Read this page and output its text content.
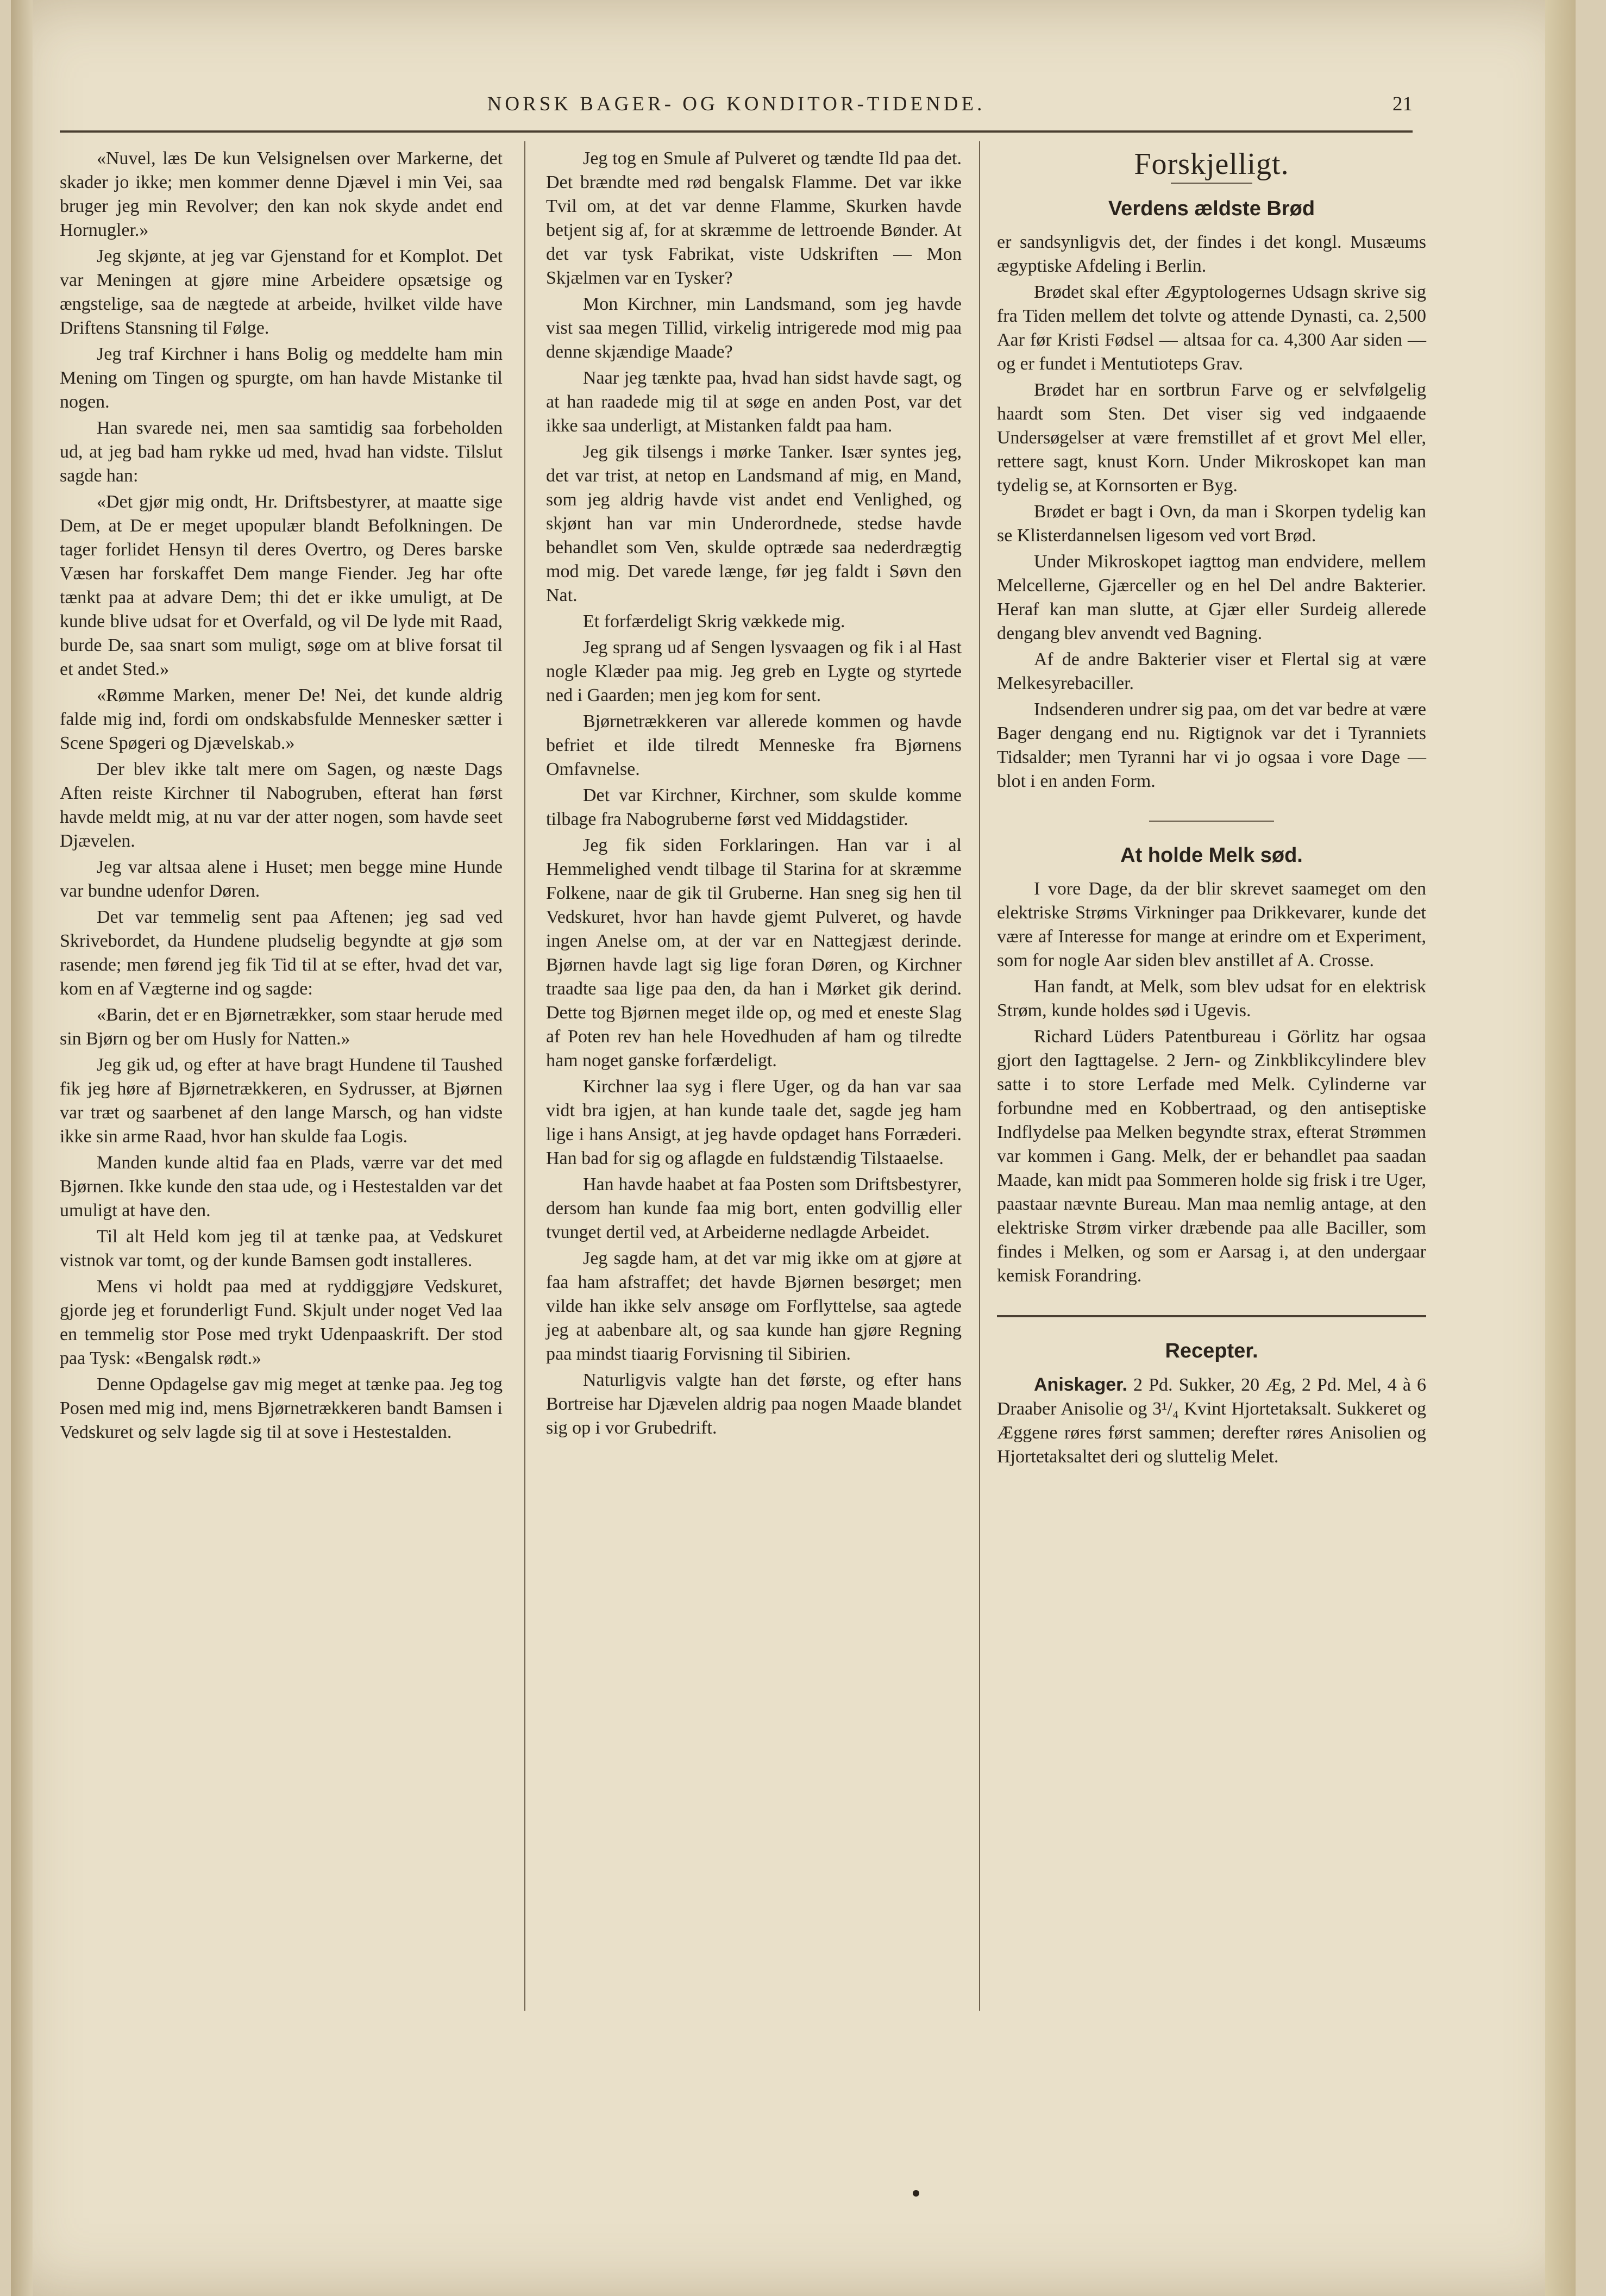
NORSK BAGER- OG KONDITOR-TIDENDE.	21

«Nuvel, læs De kun Velsignelsen over Markerne, det skader jo ikke; men kommer denne Djævel i min Vei, saa bruger jeg min Revolver; den kan nok skyde andet end Hornugler.»

Jeg skjønte, at jeg var Gjenstand for et Komplot. Det var Meningen at gjøre mine Arbeidere opsætsige og ængstelige, saa de nægtede at arbeide, hvilket vilde have Driftens Stansning til Følge.

Jeg traf Kirchner i hans Bolig og meddelte ham min Mening om Tingen og spurgte, om han havde Mistanke til nogen.

Han svarede nei, men saa samtidig saa forbeholden ud, at jeg bad ham rykke ud med, hvad han vidste. Tilslut sagde han:

«Det gjør mig ondt, Hr. Driftsbestyrer, at maatte sige Dem, at De er meget upopulær blandt Befolkningen. De tager forlidet Hensyn til deres Overtro, og Deres barske Væsen har forskaffet Dem mange Fiender. Jeg har ofte tænkt paa at advare Dem; thi det er ikke umuligt, at De kunde blive udsat for et Overfald, og vil De lyde mit Raad, burde De, saa snart som muligt, søge om at blive forsat til et andet Sted.»

«Rømme Marken, mener De! Nei, det kunde aldrig falde mig ind, fordi om ondskabsfulde Mennesker sætter i Scene Spøgeri og Djævelskab.»

Der blev ikke talt mere om Sagen, og næste Dags Aften reiste Kirchner til Nabogruben, efterat han først havde meldt mig, at nu var der atter nogen, som havde seet Djævelen.

Jeg var altsaa alene i Huset; men begge mine Hunde var bundne udenfor Døren.

Det var temmelig sent paa Aftenen; jeg sad ved Skrivebordet, da Hundene pludselig begyndte at gjø som rasende; men førend jeg fik Tid til at se efter, hvad det var, kom en af Vægterne ind og sagde:

«Barin, det er en Bjørnetrækker, som staar herude med sin Bjørn og ber om Husly for Natten.»

Jeg gik ud, og efter at have bragt Hundene til Taushed fik jeg høre af Bjørnetrækkeren, en Sydrusser, at Bjørnen var træt og saarbenet af den lange Marsch, og han vidste ikke sin arme Raad, hvor han skulde faa Logis.

Manden kunde altid faa en Plads, værre var det med Bjørnen. Ikke kunde den staa ude, og i Hestestalden var det umuligt at have den.

Til alt Held kom jeg til at tænke paa, at Vedskuret vistnok var tomt, og der kunde Bamsen godt installeres.

Mens vi holdt paa med at ryddiggjøre Vedskuret, gjorde jeg et forunderligt Fund. Skjult under noget Ved laa en temmelig stor Pose med trykt Udenpaaskrift. Der stod paa Tysk: «Bengalsk rødt.»

Denne Opdagelse gav mig meget at tænke paa. Jeg tog Posen med mig ind, mens Bjørnetrækkeren bandt Bamsen i Vedskuret og selv lagde sig til at sove i Hestestalden.

Jeg tog en Smule af Pulveret og tændte Ild paa det. Det brændte med rød bengalsk Flamme. Det var ikke Tvil om, at det var denne Flamme, Skurken havde betjent sig af, for at skræmme de lettroende Bønder. At det var tysk Fabrikat, viste Udskriften — Mon Skjælmen var en Tysker?

Mon Kirchner, min Landsmand, som jeg havde vist saa megen Tillid, virkelig intrigerede mod mig paa denne skjændige Maade?

Naar jeg tænkte paa, hvad han sidst havde sagt, og at han raadede mig til at søge en anden Post, var det ikke saa underligt, at Mistanken faldt paa ham.

Jeg gik tilsengs i mørke Tanker. Især syntes jeg, det var trist, at netop en Landsmand af mig, en Mand, som jeg aldrig havde vist andet end Venlighed, og skjønt han var min Underordnede, stedse havde behandlet som Ven, skulde optræde saa nederdrægtig mod mig. Det varede længe, før jeg faldt i Søvn den Nat.

Et forfærdeligt Skrig vækkede mig.

Jeg sprang ud af Sengen lysvaagen og fik i al Hast nogle Klæder paa mig. Jeg greb en Lygte og styrtede ned i Gaarden; men jeg kom for sent.

Bjørnetrækkeren var allerede kommen og havde befriet et ilde tilredt Menneske fra Bjørnens Omfavnelse.

Det var Kirchner, Kirchner, som skulde komme tilbage fra Nabogruberne først ved Middagstider.

Jeg fik siden Forklaringen. Han var i al Hemmelighed vendt tilbage til Starina for at skræmme Folkene, naar de gik til Gruberne. Han sneg sig hen til Vedskuret, hvor han havde gjemt Pulveret, og havde ingen Anelse om, at der var en Nattegjæst derinde. Bjørnen havde lagt sig lige foran Døren, og Kirchner traadte saa lige paa den, da han i Mørket gik derind. Dette tog Bjørnen meget ilde op, og med et eneste Slag af Poten rev han hele Hovedhuden af ham og tilredte ham noget ganske forfærdeligt.

Kirchner laa syg i flere Uger, og da han var saa vidt bra igjen, at han kunde taale det, sagde jeg ham lige i hans Ansigt, at jeg havde opdaget hans Forræderi. Han bad for sig og aflagde en fuldstændig Tilstaaelse.

Han havde haabet at faa Posten som Driftsbestyrer, dersom han kunde faa mig bort, enten godvillig eller tvunget dertil ved, at Arbeiderne nedlagde Arbeidet.

Jeg sagde ham, at det var mig ikke om at gjøre at faa ham afstraffet; det havde Bjørnen besørget; men vilde han ikke selv ansøge om Forflyttelse, saa agtede jeg at aabenbare alt, og saa kunde han gjøre Regning paa mindst tiaarig Forvisning til Sibirien.

Naturligvis valgte han det første, og efter hans Bortreise har Djævelen aldrig paa nogen Maade blandet sig op i vor Grubedrift.

Forskjelligt.
Verdens ældste Brød

er sandsynligvis det, der findes i det kongl. Musæums ægyptiske Afdeling i Berlin.

Brødet skal efter Ægyptologernes Udsagn skrive sig fra Tiden mellem det tolvte og attende Dynasti, ca. 2,500 Aar før Kristi Fødsel — altsaa for ca. 4,300 Aar siden — og er fundet i Mentutioteps Grav.

Brødet har en sortbrun Farve og er selvfølgelig haardt som Sten. Det viser sig ved indgaaende Undersøgelser at være fremstillet af et grovt Mel eller, rettere sagt, knust Korn. Under Mikroskopet kan man tydelig se, at Kornsorten er Byg.

Brødet er bagt i Ovn, da man i Skorpen tydelig kan se Klisterdannelsen ligesom ved vort Brød.

Under Mikroskopet iagttog man endvidere, mellem Melcellerne, Gjærceller og en hel Del andre Bakterier. Heraf kan man slutte, at Gjær eller Surdeig allerede dengang blev anvendt ved Bagning.

Af de andre Bakterier viser et Flertal sig at være Melkesyrebaciller.

Indsenderen undrer sig paa, om det var bedre at være Bager dengang end nu. Rigtignok var det i Tyranniets Tidsalder; men Tyranni har vi jo ogsaa i vore Dage — blot i en anden Form.

At holde Melk sød.

I vore Dage, da der blir skrevet saameget om den elektriske Strøms Virkninger paa Drikkevarer, kunde det være af Interesse for mange at erindre om et Experiment, som for nogle Aar siden blev anstillet af A. Crosse.

Han fandt, at Melk, som blev udsat for en elektrisk Strøm, kunde holdes sød i Ugevis.

Richard Lüders Patentbureau i Görlitz har ogsaa gjort den Iagttagelse. 2 Jern- og Zinkblikcylindere blev satte i to store Lerfade med Melk. Cylinderne var forbundne med en Kobbertraad, og den antiseptiske Indflydelse paa Melken begyndte strax, efterat Strømmen var kommen i Gang. Melk, der er behandlet paa saadan Maade, kan midt paa Sommeren holde sig frisk i tre Uger, paastaar nævnte Bureau. Man maa nemlig antage, at den elektriske Strøm virker dræbende paa alle Baciller, som findes i Melken, og som er Aarsag i, at den undergaar kemisk Forandring.

Recepter.

Aniskager. 2 Pd. Sukker, 20 Æg, 2 Pd. Mel, 4 à 6 Draaber Anisolie og 3¹/₄ Kvint Hjortetaksalt. Sukkeret og Æggene røres først sammen; derefter røres Anisolien og Hjortetaksaltet deri og sluttelig Melet.
